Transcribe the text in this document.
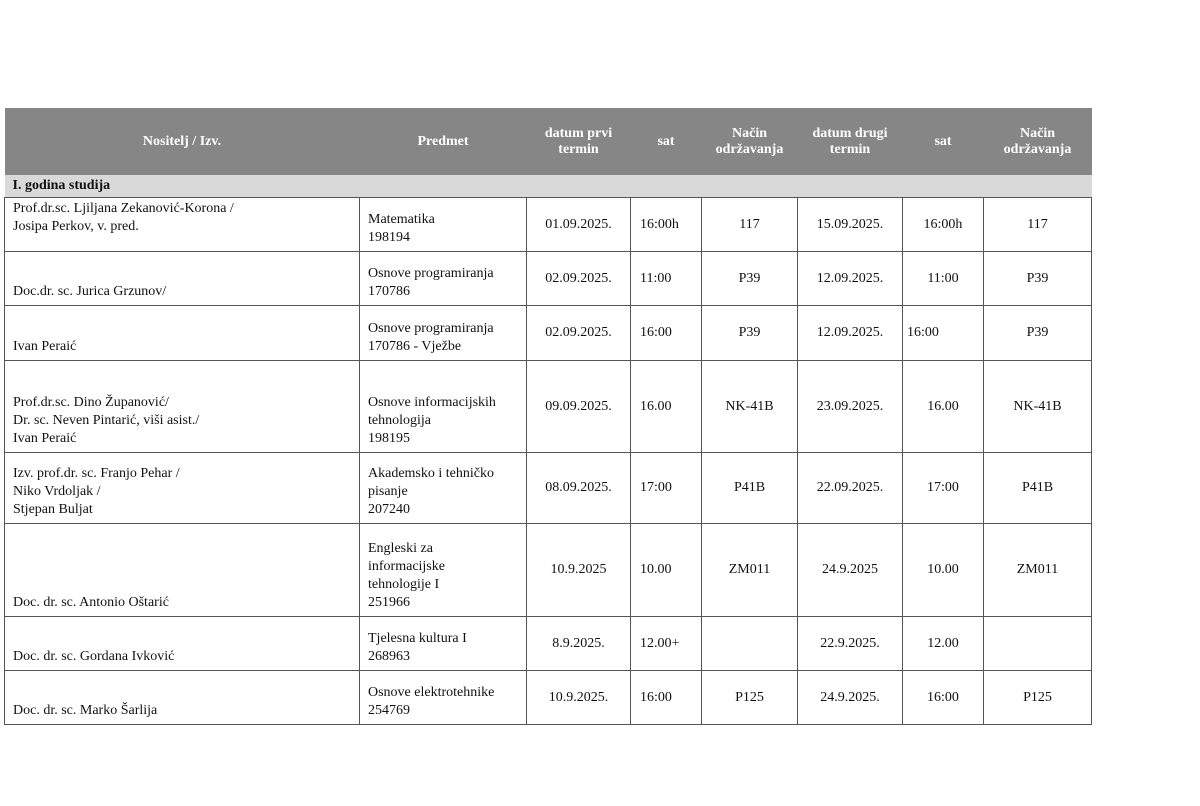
Nositelj / Izv.	Predmet	datum prvi
termin	sat	Način
održavanja	datum drugi
termin	sat	Način
održavanja

I. godina studija							

Prof.dr.sc. Ljiljana Zekanović-Korona /
Josipa Perkov, v. pred.	Matematika
198194	01.09.2025.	16:00h	117	15.09.2025.	16:00h	117

Doc.dr. sc. Jurica Grzunov/	Osnove programiranja
170786	02.09.2025.	11:00	P39	12.09.2025.	11:00	P39

Ivan Peraić	Osnove programiranja
170786 - Vježbe	02.09.2025.	16:00	P39	12.09.2025.	16:00	P39

Prof.dr.sc. Dino Županović/
Dr. sc. Neven Pintarić, viši asist./
Ivan Peraić	Osnove informacijskih
tehnologija
198195	09.09.2025.	16.00	NK-41B	23.09.2025.	16.00	NK-41B

Izv. prof.dr. sc. Franjo Pehar /
Niko Vrdoljak /
Stjepan Buljat	Akademsko i tehničko
pisanje
207240	08.09.2025.	17:00	P41B	22.09.2025.	17:00	P41B

Doc. dr. sc. Antonio Oštarić	Engleski za
informacijske
tehnologije I
251966	10.9.2025	10.00	ZM011	24.9.2025	10.00	ZM011

Doc. dr. sc. Gordana Ivković	Tjelesna kultura I
268963	8.9.2025.	12.00+		22.9.2025.	12.00	

Doc. dr. sc. Marko Šarlija	Osnove elektrotehnike
254769	10.9.2025.	16:00	P125	24.9.2025.	16:00	P125
